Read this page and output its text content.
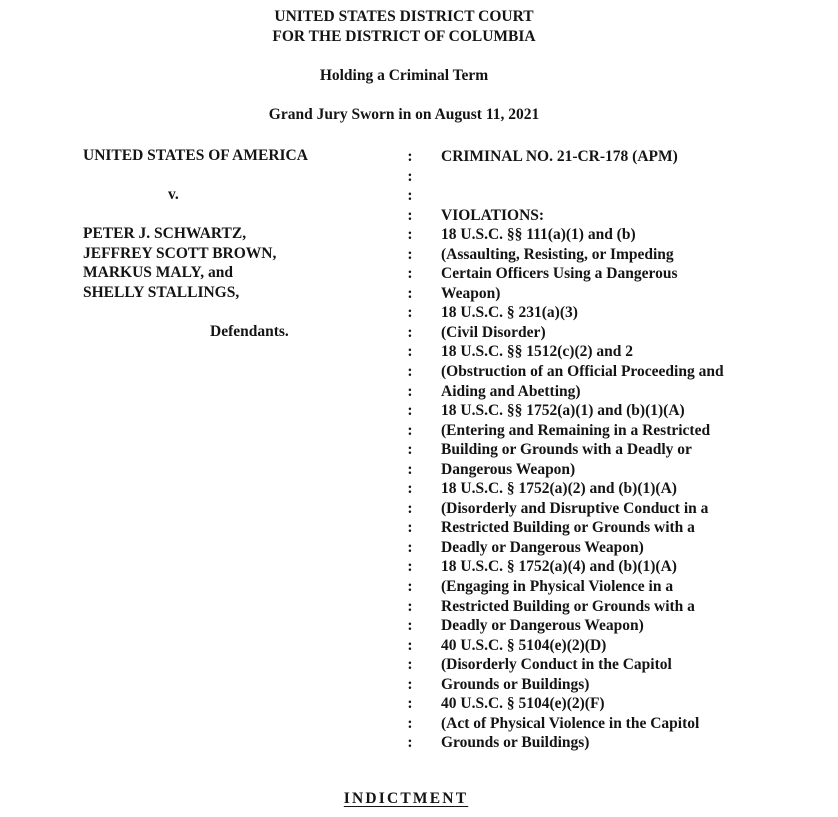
UNITED STATES DISTRICT COURT
FOR THE DISTRICT OF COLUMBIA
Holding a Criminal Term
Grand Jury Sworn in on August 11, 2021
UNITED STATES OF AMERICA
v.
PETER J. SCHWARTZ,
JEFFREY SCOTT BROWN,
MARKUS MALY, and
SHELLY STALLINGS,
Defendants.
:
:
:
:
:
:
:
:
:
:
:
:
:
:
:
:
:
:
:
:
:
:
:
:
:
:
:
:
:
:
:
CRIMINAL NO. 21-CR-178 (APM)
VIOLATIONS:
18 U.S.C. §§ 111(a)(1) and (b)
(Assaulting, Resisting, or Impeding
Certain Officers Using a Dangerous
Weapon)
18 U.S.C. § 231(a)(3)
(Civil Disorder)
18 U.S.C. §§ 1512(c)(2) and 2
(Obstruction of an Official Proceeding and
Aiding and Abetting)
18 U.S.C. §§ 1752(a)(1) and (b)(1)(A)
(Entering and Remaining in a Restricted
Building or Grounds with a Deadly or
Dangerous Weapon)
18 U.S.C. § 1752(a)(2) and (b)(1)(A)
(Disorderly and Disruptive Conduct in a
Restricted Building or Grounds with a
Deadly or Dangerous Weapon)
18 U.S.C. § 1752(a)(4) and (b)(1)(A)
(Engaging in Physical Violence in a
Restricted Building or Grounds with a
Deadly or Dangerous Weapon)
40 U.S.C. § 5104(e)(2)(D)
(Disorderly Conduct in the Capitol
Grounds or Buildings)
40 U.S.C. § 5104(e)(2)(F)
(Act of Physical Violence in the Capitol
Grounds or Buildings)
INDICTMENT
